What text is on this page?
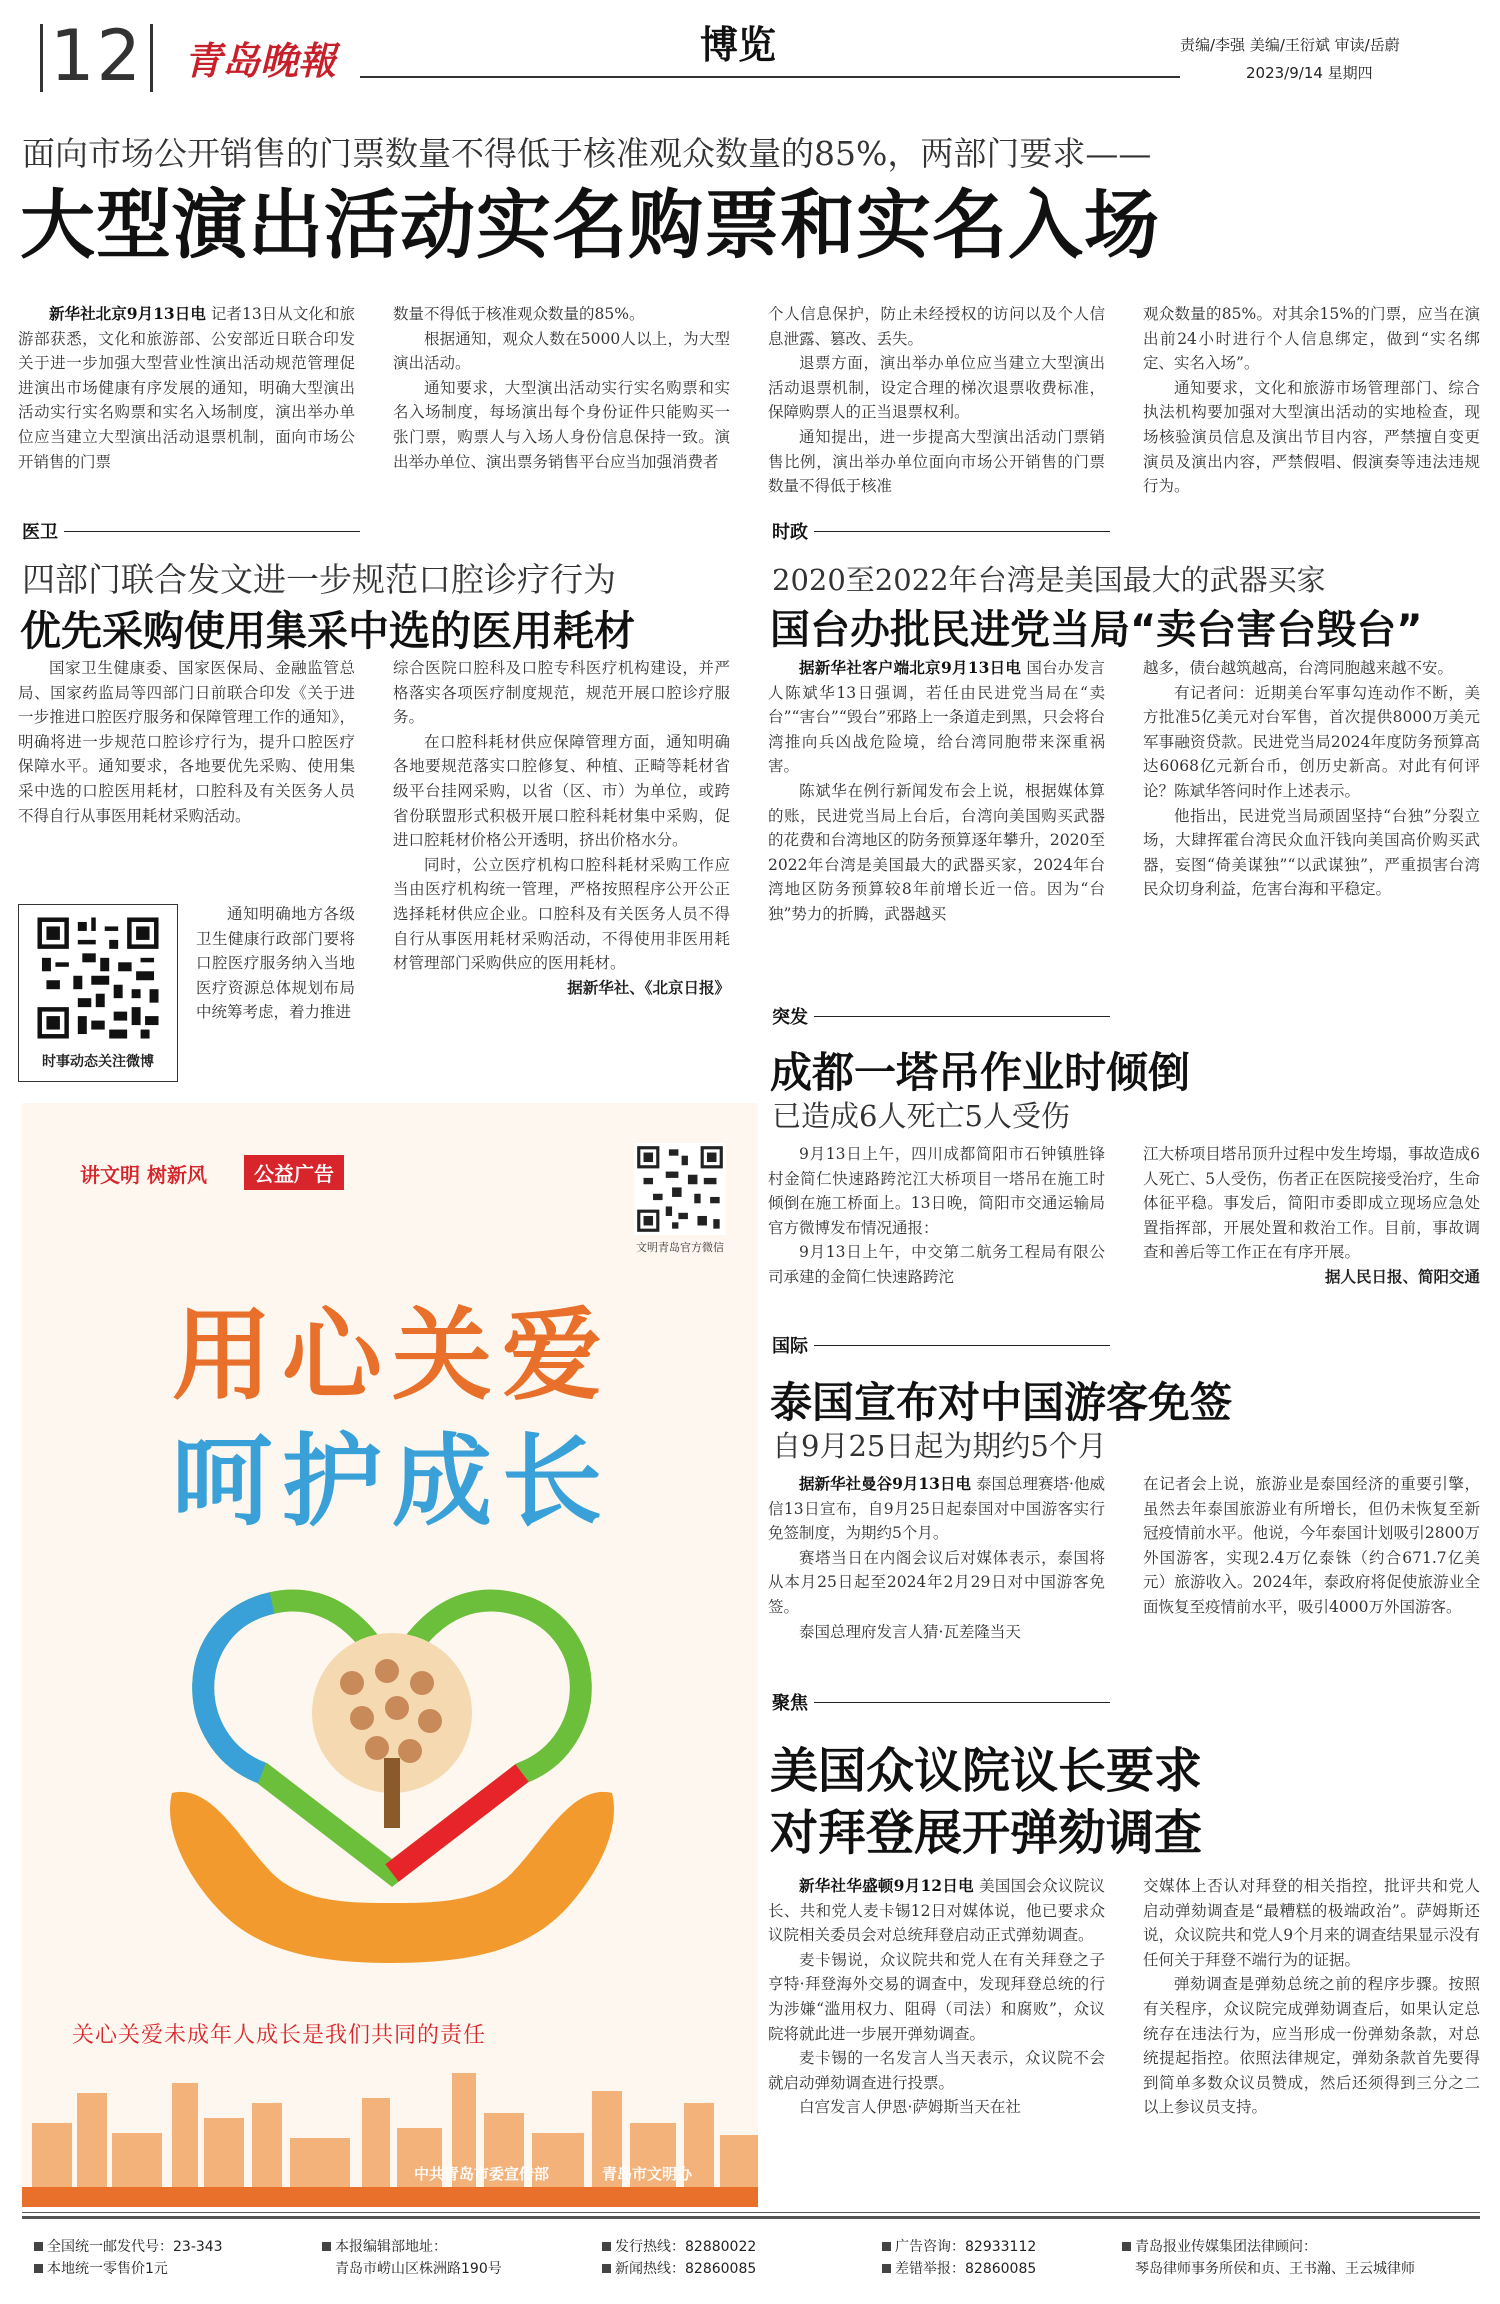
12 青岛晚報	博览	责编/李强 美编/王衍斌 审读/岳蔚
2023/9/14 星期四
面向市场公开销售的门票数量不得低于核准观众数量的85%，两部门要求——
大型演出活动实名购票和实名入场

新华社北京9月13日电 记者13日从文化和旅游部获悉，文化和旅游部、公安部近日联合印发关于进一步加强大型营业性演出活动规范管理促进演出市场健康有序发展的通知，明确大型演出活动实行实名购票和实名入场制度，演出举办单位应当建立大型演出活动退票机制，面向市场公开销售的门票

数量不得低于核准观众数量的85%。

根据通知，观众人数在5000人以上，为大型演出活动。

通知要求，大型演出活动实行实名购票和实名入场制度，每场演出每个身份证件只能购买一张门票，购票人与入场人身份信息保持一致。演出举办单位、演出票务销售平台应当加强消费者

个人信息保护，防止未经授权的访问以及个人信息泄露、篡改、丢失。

退票方面，演出举办单位应当建立大型演出活动退票机制，设定合理的梯次退票收费标准，保障购票人的正当退票权利。

通知提出，进一步提高大型演出活动门票销售比例，演出举办单位面向市场公开销售的门票数量不得低于核准

观众数量的85%。对其余15%的门票，应当在演出前24小时进行个人信息绑定，做到“实名绑定、实名入场”。

通知要求，文化和旅游市场管理部门、综合执法机构要加强对大型演出活动的实地检查，现场核验演员信息及演出节目内容，严禁擅自变更演员及演出内容，严禁假唱、假演奏等违法违规行为。

医卫
四部门联合发文进一步规范口腔诊疗行为
优先采购使用集采中选的医用耗材

国家卫生健康委、国家医保局、金融监管总局、国家药监局等四部门日前联合印发《关于进一步推进口腔医疗服务和保障管理工作的通知》，明确将进一步规范口腔诊疗行为，提升口腔医疗保障水平。通知要求，各地要优先采购、使用集采中选的口腔医用耗材，口腔科及有关医务人员不得自行从事医用耗材采购活动。

时事动态关注微博

通知明确地方各级卫生健康行政部门要将口腔医疗服务纳入当地医疗资源总体规划布局中统筹考虑，着力推进

综合医院口腔科及口腔专科医疗机构建设，并严格落实各项医疗制度规范，规范开展口腔诊疗服务。

在口腔科耗材供应保障管理方面，通知明确各地要规范落实口腔修复、种植、正畸等耗材省级平台挂网采购，以省（区、市）为单位，或跨省份联盟形式积极开展口腔科耗材集中采购，促进口腔耗材价格公开透明，挤出价格水分。

同时，公立医疗机构口腔科耗材采购工作应当由医疗机构统一管理，严格按照程序公开公正选择耗材供应企业。口腔科及有关医务人员不得自行从事医用耗材采购活动，不得使用非医用耗材管理部门采购供应的医用耗材。

据新华社、《北京日报》
时政
2020至2022年台湾是美国最大的武器买家
国台办批民进党当局“卖台害台毁台”

据新华社客户端北京9月13日电 国台办发言人陈斌华13日强调，若任由民进党当局在“卖台”“害台”“毁台”邪路上一条道走到黑，只会将台湾推向兵凶战危险境，给台湾同胞带来深重祸害。

陈斌华在例行新闻发布会上说，根据媒体算的账，民进党当局上台后，台湾向美国购买武器的花费和台湾地区的防务预算逐年攀升，2020至2022年台湾是美国最大的武器买家，2024年台湾地区防务预算较8年前增长近一倍。因为“台独”势力的折腾，武器越买

越多，债台越筑越高，台湾同胞越来越不安。

有记者问：近期美台军事勾连动作不断，美方批准5亿美元对台军售，首次提供8000万美元军事融资贷款。民进党当局2024年度防务预算高达6068亿元新台币，创历史新高。对此有何评论？陈斌华答问时作上述表示。

他指出，民进党当局顽固坚持“台独”分裂立场，大肆挥霍台湾民众血汗钱向美国高价购买武器，妄图“倚美谋独”“以武谋独”，严重损害台湾民众切身利益，危害台海和平稳定。

突发
成都一塔吊作业时倾倒
已造成6人死亡5人受伤

9月13日上午，四川成都简阳市石钟镇胜锋村金简仁快速路跨沱江大桥项目一塔吊在施工时倾倒在施工桥面上。13日晚，简阳市交通运输局官方微博发布情况通报：

9月13日上午，中交第二航务工程局有限公司承建的金简仁快速路跨沱

江大桥项目塔吊顶升过程中发生垮塌，事故造成6人死亡、5人受伤，伤者正在医院接受治疗，生命体征平稳。事发后，简阳市委即成立现场应急处置指挥部，开展处置和救治工作。目前，事故调查和善后等工作正在有序开展。

据人民日报、简阳交通
国际
泰国宣布对中国游客免签
自9月25日起为期约5个月

据新华社曼谷9月13日电 泰国总理赛塔·他威信13日宣布，自9月25日起泰国对中国游客实行免签制度，为期约5个月。

赛塔当日在内阁会议后对媒体表示，泰国将从本月25日起至2024年2月29日对中国游客免签。

泰国总理府发言人猜·瓦差隆当天

在记者会上说，旅游业是泰国经济的重要引擎，虽然去年泰国旅游业有所增长，但仍未恢复至新冠疫情前水平。他说，今年泰国计划吸引2800万外国游客，实现2.4万亿泰铢（约合671.7亿美元）旅游收入。2024年，泰政府将促使旅游业全面恢复至疫情前水平，吸引4000万外国游客。

聚焦
美国众议院议长要求
对拜登展开弹劾调查

新华社华盛顿9月12日电 美国国会众议院议长、共和党人麦卡锡12日对媒体说，他已要求众议院相关委员会对总统拜登启动正式弹劾调查。

麦卡锡说，众议院共和党人在有关拜登之子亨特·拜登海外交易的调查中，发现拜登总统的行为涉嫌“滥用权力、阻碍（司法）和腐败”，众议院将就此进一步展开弹劾调查。

麦卡锡的一名发言人当天表示，众议院不会就启动弹劾调查进行投票。

白宫发言人伊恩·萨姆斯当天在社

交媒体上否认对拜登的相关指控，批评共和党人启动弹劾调查是“最糟糕的极端政治”。萨姆斯还说，众议院共和党人9个月来的调查结果显示没有任何关于拜登不端行为的证据。

弹劾调查是弹劾总统之前的程序步骤。按照有关程序，众议院完成弹劾调查后，如果认定总统存在违法行为，应当形成一份弹劾条款，对总统提起指控。依照法律规定，弹劾条款首先要得到简单多数众议员赞成，然后还须得到三分之二以上参议员支持。

讲文明 树新风	公益广告
文明青岛官方微信
用心关爱
呵护成长
关心关爱未成年人成长是我们共同的责任
中共青岛市委宣传部	青岛市文明办
全国统一邮发代号：23-343
本地统一零售价1元
本报编辑部地址：
青岛市崂山区株洲路190号
发行热线：82880022
新闻热线：82860085
广告咨询：82933112
差错举报：82860085
青岛报业传媒集团法律顾问：
琴岛律师事务所侯和贞、王书瀚、王云城律师
